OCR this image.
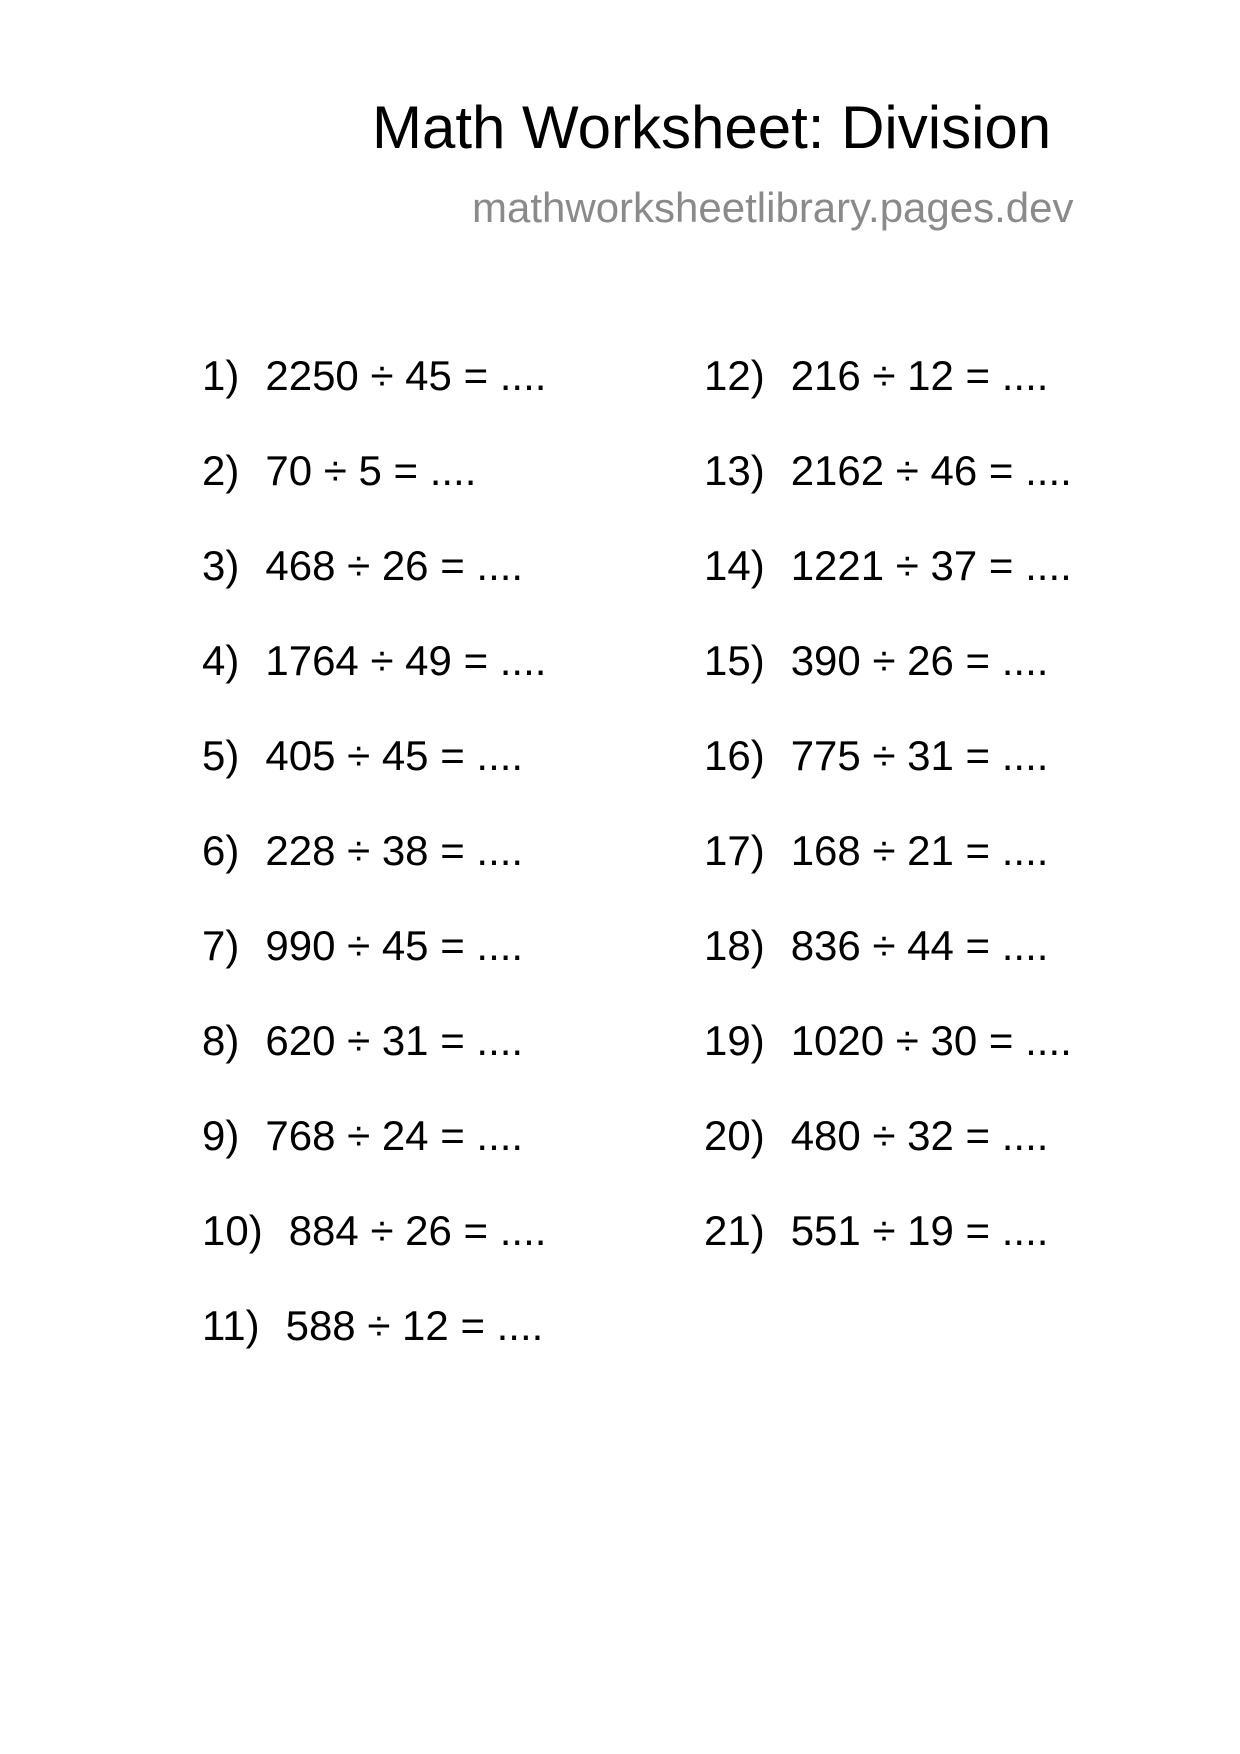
Math Worksheet: Division
mathworksheetlibrary.pages.dev
1) 2250 ÷ 45 = ....
2) 70 ÷ 5 = ....
3) 468 ÷ 26 = ....
4) 1764 ÷ 49 = ....
5) 405 ÷ 45 = ....
6) 228 ÷ 38 = ....
7) 990 ÷ 45 = ....
8) 620 ÷ 31 = ....
9) 768 ÷ 24 = ....
10) 884 ÷ 26 = ....
11) 588 ÷ 12 = ....
12) 216 ÷ 12 = ....
13) 2162 ÷ 46 = ....
14) 1221 ÷ 37 = ....
15) 390 ÷ 26 = ....
16) 775 ÷ 31 = ....
17) 168 ÷ 21 = ....
18) 836 ÷ 44 = ....
19) 1020 ÷ 30 = ....
20) 480 ÷ 32 = ....
21) 551 ÷ 19 = ....
